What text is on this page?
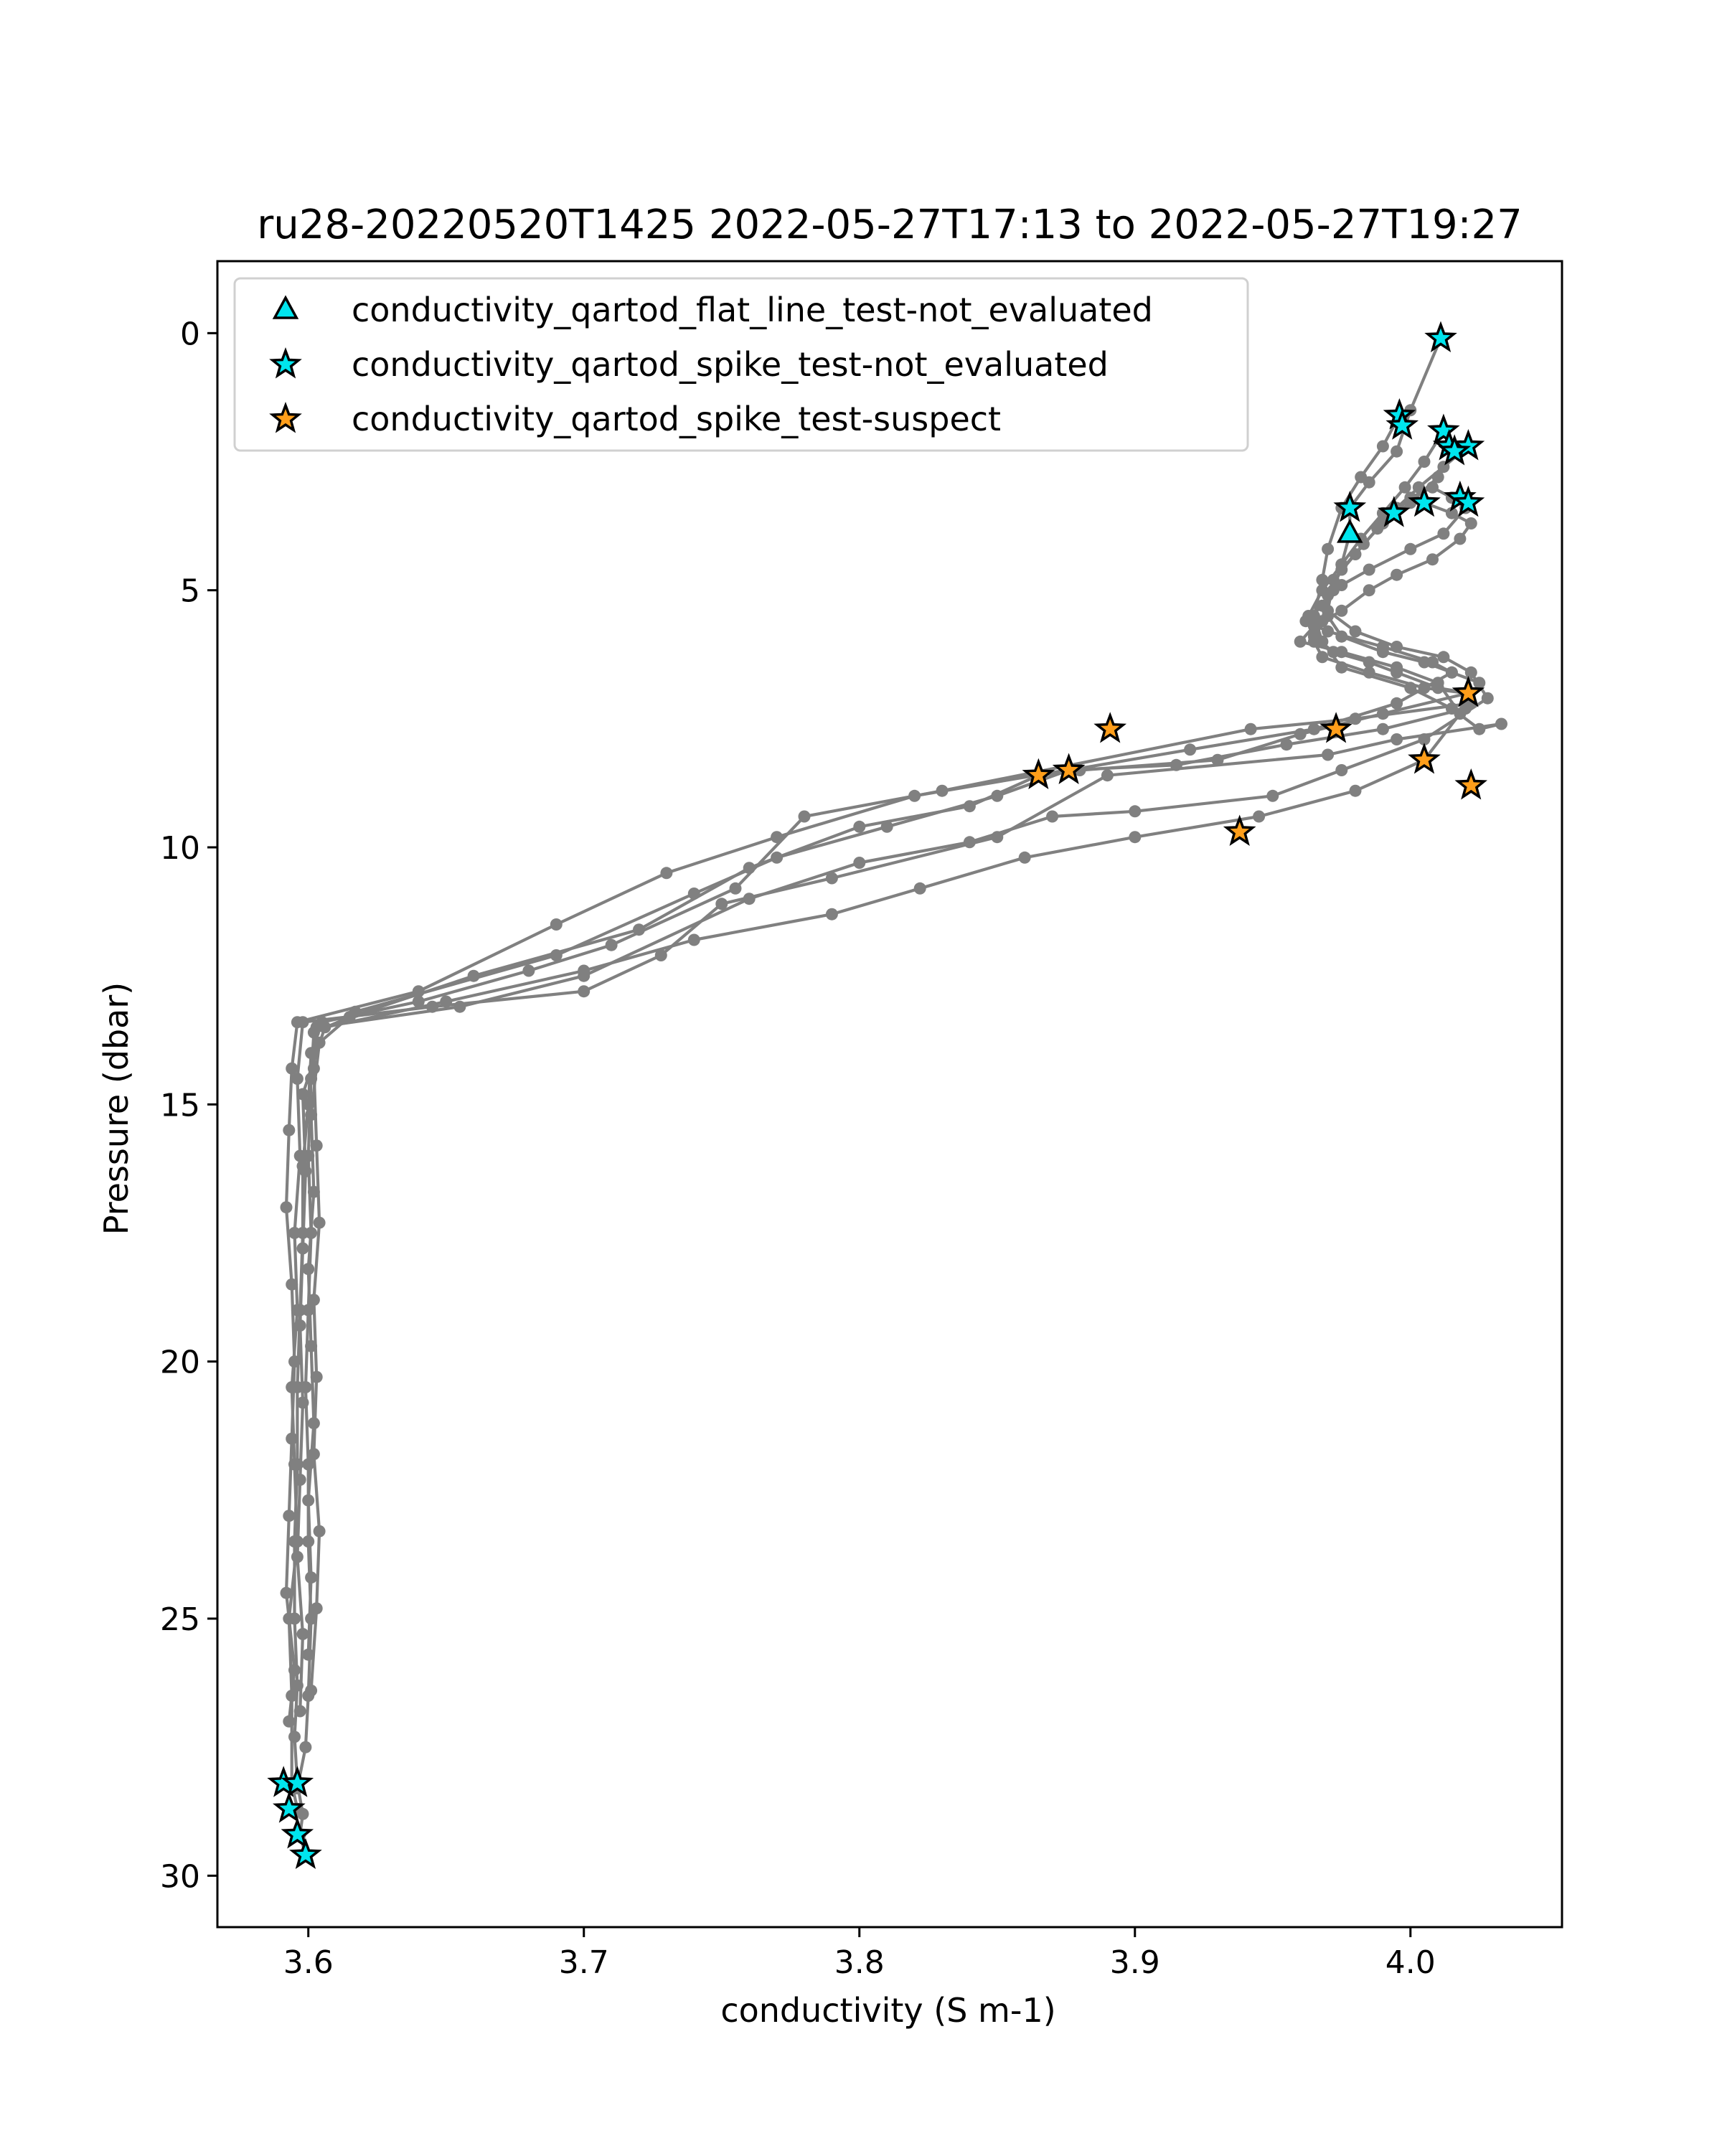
ru28-20220520T1425 2022-05-27T17:13 to 2022-05-27T19:27
3.6	3.7	3.8	3.9	4.0
0
5
10
15
20
25
30
conductivity (S m-1)
Pressure (dbar)
conductivity_qartod_flat_line_test-not_evaluated
conductivity_qartod_spike_test-not_evaluated
conductivity_qartod_spike_test-suspect
